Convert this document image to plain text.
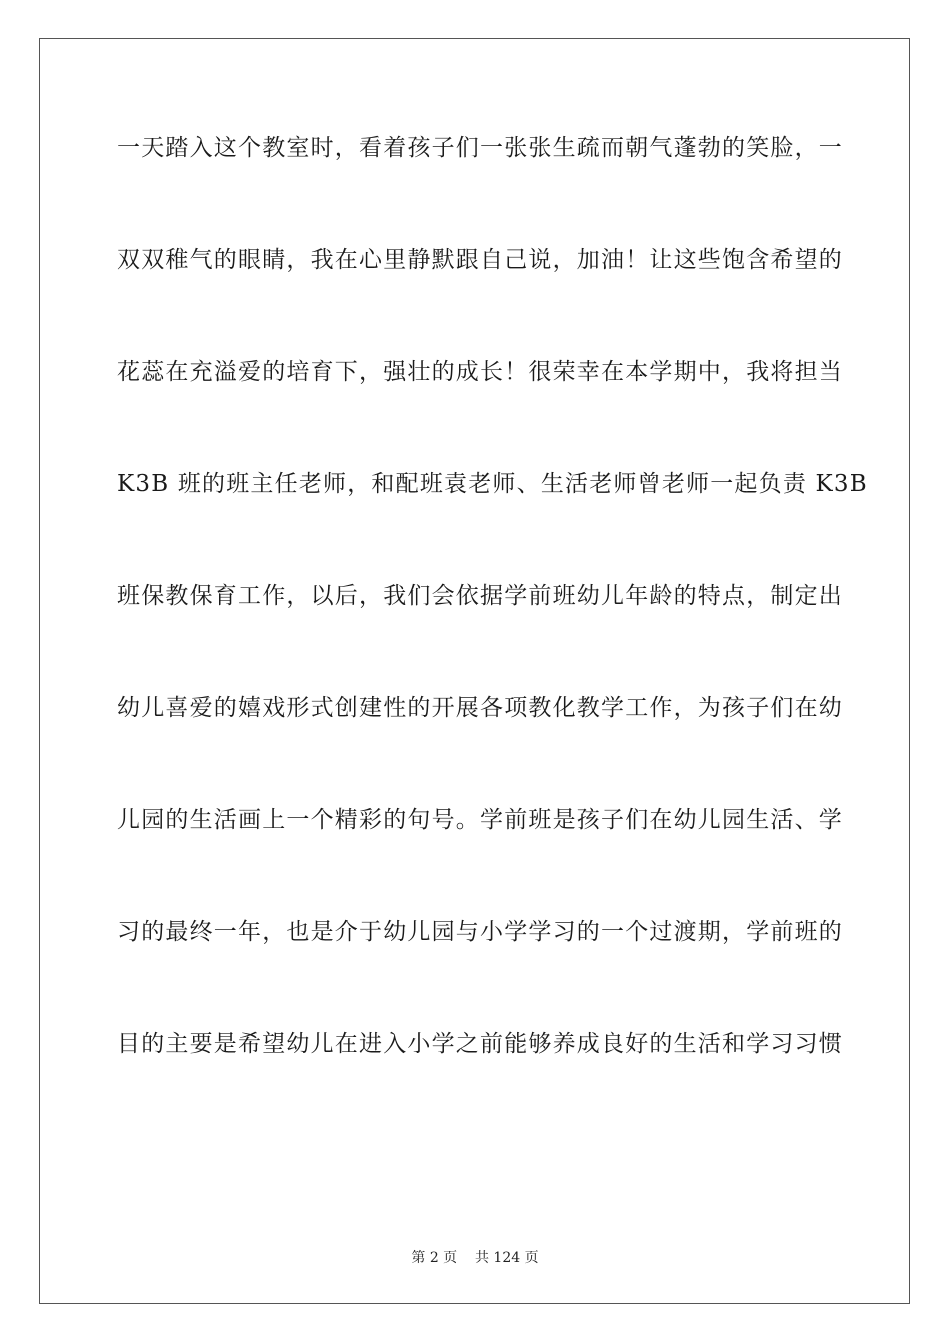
一天踏入这个教室时，看着孩子们一张张生疏而朝气蓬勃的笑脸，一
双双稚气的眼睛，我在心里静默跟自己说，加油！让这些饱含希望的
花蕊在充溢爱的培育下，强壮的成长！很荣幸在本学期中，我将担当
K3B 班的班主任老师，和配班袁老师、生活老师曾老师一起负责 K3B
班保教保育工作，以后，我们会依据学前班幼儿年龄的特点，制定出
幼儿喜爱的嬉戏形式创建性的开展各项教化教学工作，为孩子们在幼
儿园的生活画上一个精彩的句号。学前班是孩子们在幼儿园生活、学
习的最终一年，也是介于幼儿园与小学学习的一个过渡期，学前班的
目的主要是希望幼儿在进入小学之前能够养成良好的生活和学习习惯
第 2 页    共 124 页
